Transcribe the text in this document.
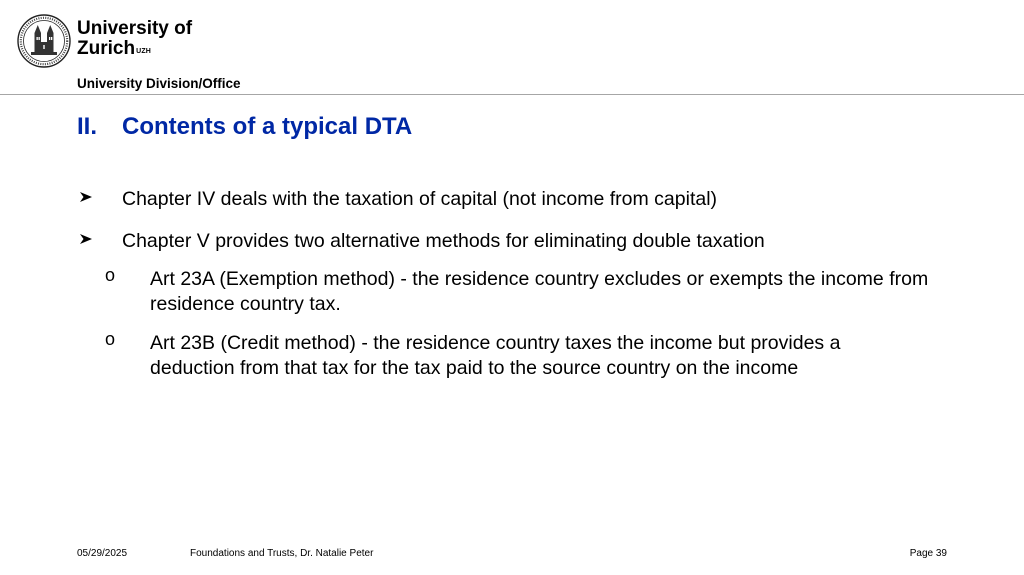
University of
Zurich$^{UZH}$
University Division/Office
II. Contents of a typical DTA
Chapter IV deals with the taxation of capital (not income from capital)
Chapter V provides two alternative methods for eliminating double taxation
o Art 23A (Exemption method) - the residence country excludes or exempts the income from residence country tax.
o Art 23B (Credit method) - the residence country taxes the income but provides a deduction from that tax for the tax paid to the source country on the income
05/29/2025	Foundations and Trusts, Dr. Natalie Peter	Page 39
